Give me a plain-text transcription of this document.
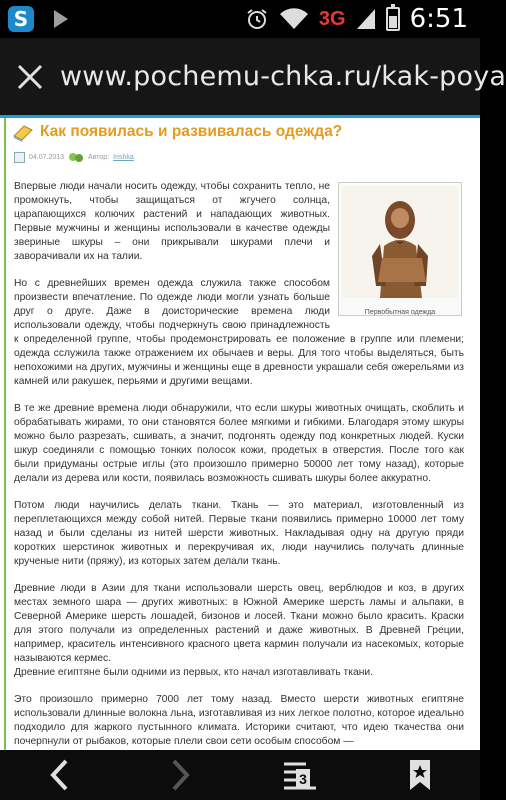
S	3G 6:51
www.pochemu-chka.ru/kak-poya
Как появилась и развивалась одежда?
04.07.2013	Автор: Irishka
Первобытная одежда

Впервые люди начали носить одежду, чтобы сохранить тепло, не промокнуть, чтобы защищаться от жгучего солнца, царапающихся колючих растений и нападающих животных. Первые мужчины и женщины использовали в качестве одежды звериные шкуры – они прикрывали шкурами плечи и заворачивали их на талии.

Но с древнейших времен одежда служила также способом произвести впечатление. По одежде люди могли узнать больше друг о друге. Даже в доисторические времена люди использовали одежду, чтобы подчеркнуть свою принадлежность к определенной группе, чтобы продемонстрировать ее положение в группе или племени; одежда сслужила также отражением их обычаев и веры. Для того чтобы выделяться, быть непохожими на других, мужчины и женщины еще в древности украшали себя ожерельями из камней или ракушек, перьями и другими вещами.

В те же древние времена люди обнаружили, что если шкуры животных очищать, скоблить и обрабатывать жирами, то они становятся более мягкими и гибкими. Благодаря этому шкуры можно было разрезать, сшивать, а значит, подгонять одежду под конкретных людей. Куски шкур соединяли с помощью тонких полосок кожи, продетых в отверстия. После того как были придуманы острые иглы (это произошло примерно 50000 лет тому назад), которые делали из дерева или кости, появилась возможность сшивать шкуры более аккуратно.

Потом люди научились делать ткани. Ткань — это материал, изготовленный из переплетающихся между собой нитей. Первые ткани появились примерно 10000 лет тому назад и были сделаны из нитей шерсти животных. Накладывая одну на другую пряди коротких шерстинок животных и перекручивая их, люди научились получать длинные крученые нити (пряжу), из которых затем делали ткань.

Древние люди в Азии для ткани использовали шерсть овец, верблюдов и коз, в других местах земного шара — других животных: в Южной Америке шерсть ламы и альпаки, в Северной Америке шерсть лошадей, бизонов и лосей. Ткани можно было красить. Краски для этого получали из определенных растений и даже животных. В Древней Греции, например, краситель интенсивного красного цвета кармин получали из насекомых, которые называются кермес.

Древние египтяне были одними из первых, кто начал изготавливать ткани.

Это произошло примерно 7000 лет тому назад. Вместо шерсти животных египтяне использовали длинные волокна льна, изготавливая из них легкое полотно, которое идеально подходило для жаркого пустынного климата. Историки считают, что идею ткачества они почерпнули от рыбаков, которые плели свои сети особым способом —

3
